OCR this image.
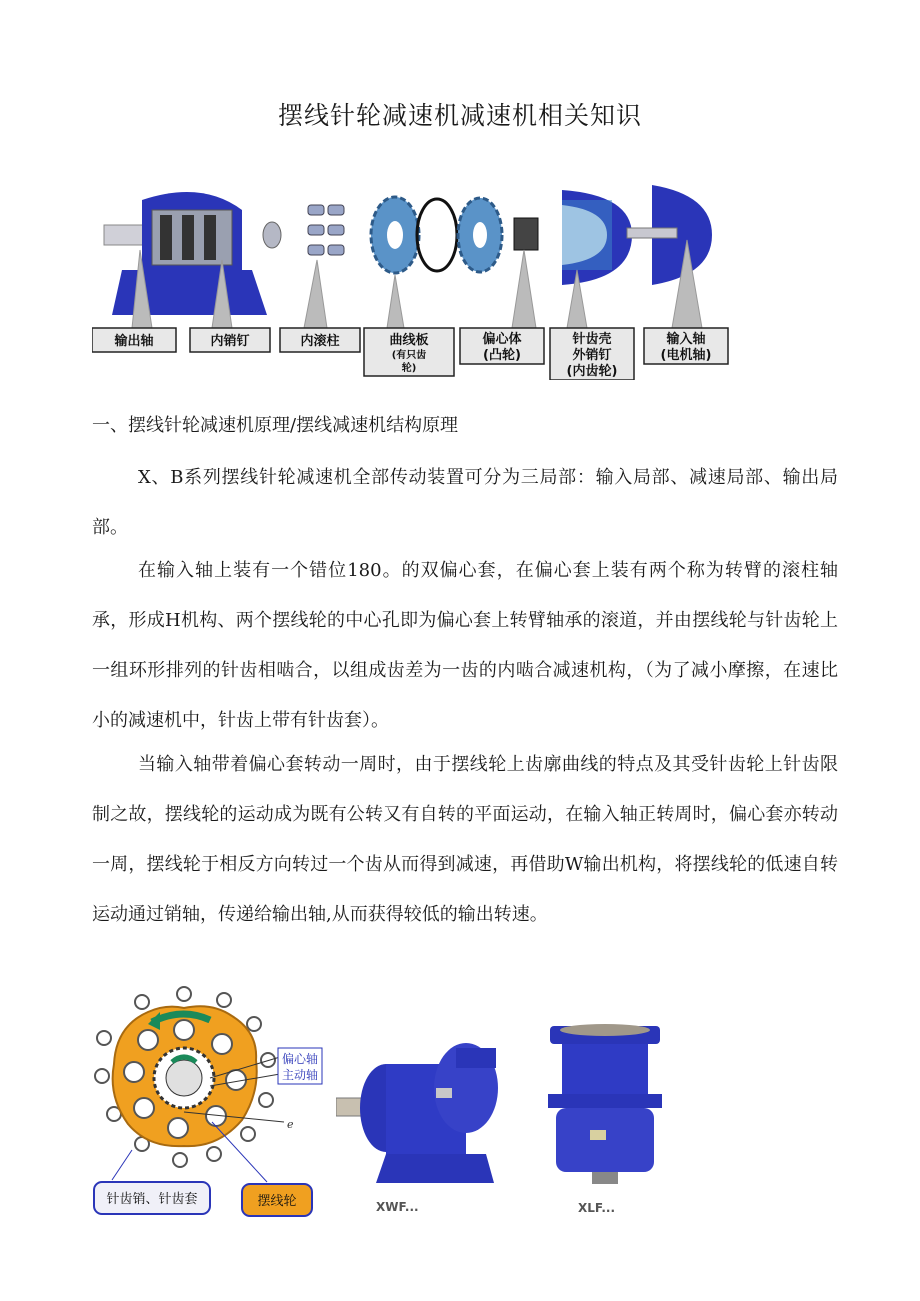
摆线针轮减速机减速机相关知识
输出轴	内销钉	内滚柱	曲线板
(有只齿
轮)
偏心体
(凸轮)
针齿壳
外销钉
(内齿轮)
输入轴
(电机轴)
一、摆线针轮减速机原理/摆线减速机结构原理

X、B系列摆线针轮减速机全部传动装置可分为三局部：输入局部、减速局部、输出局部。

在输入轴上装有一个错位180。的双偏心套，在偏心套上装有两个称为转臂的滚柱轴承，形成H机构、两个摆线轮的中心孔即为偏心套上转臂轴承的滚道，并由摆线轮与针齿轮上一组环形排列的针齿相啮合，以组成齿差为一齿的内啮合减速机构，（为了减小摩擦，在速比小的减速机中，针齿上带有针齿套）。

当输入轴带着偏心套转动一周时，由于摆线轮上齿廓曲线的特点及其受针齿轮上针齿限制之故，摆线轮的运动成为既有公转又有自转的平面运动，在输入轴正转周时，偏心套亦转动一周，摆线轮于相反方向转过一个齿从而得到减速，再借助W输出机构，将摆线轮的低速自转运动通过销轴，传递给输出轴,从而获得较低的输出转速。

偏心轴
主动轴
e
针齿销、针齿套	摆线轮	XWF...	XLF...
